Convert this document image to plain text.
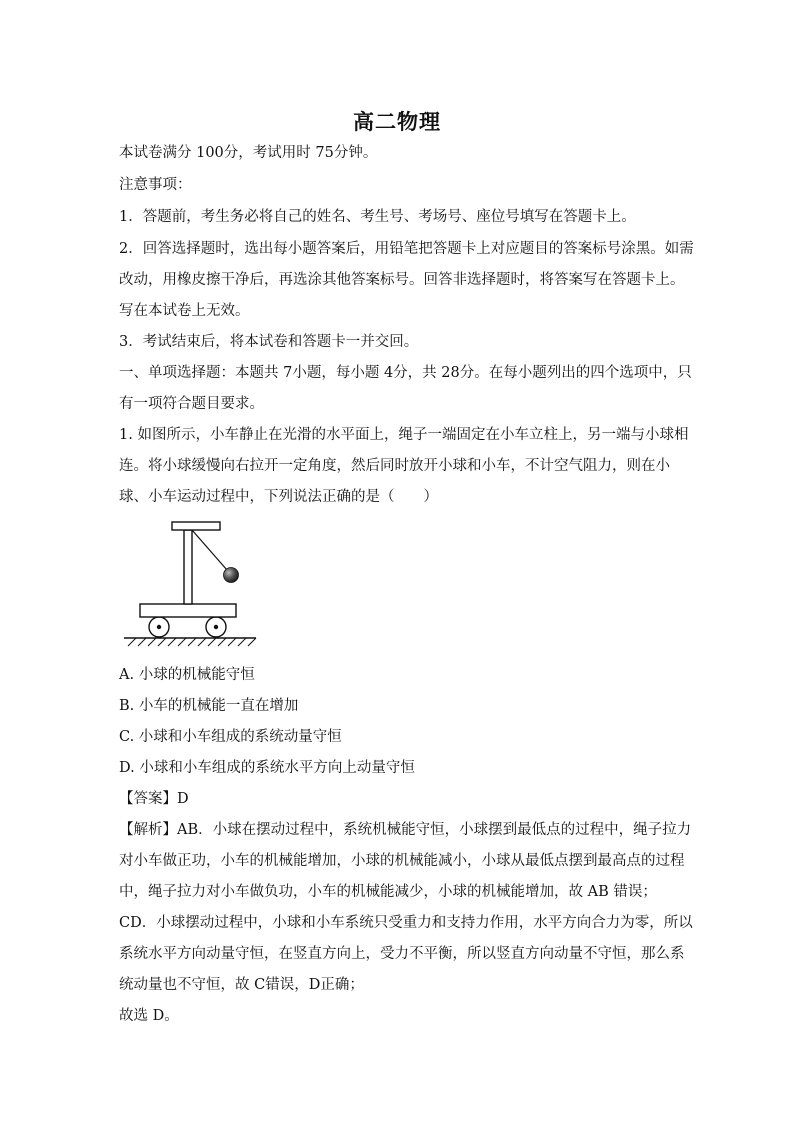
高二物理
本试卷满分 100分，考试用时 75分钟。
注意事项：
1．答题前，考生务必将自己的姓名、考生号、考场号、座位号填写在答题卡上。
2．回答选择题时，选出每小题答案后，用铅笔把答题卡上对应题目的答案标号涂黑。如需
改动，用橡皮擦干净后，再选涂其他答案标号。回答非选择题时，将答案写在答题卡上。
写在本试卷上无效。
3．考试结束后，将本试卷和答题卡一并交回。
一、单项选择题：本题共 7小题，每小题 4分，共 28分。在每小题列出的四个选项中，只
有一项符合题目要求。
1. 如图所示，小车静止在光滑的水平面上，绳子一端固定在小车立柱上，另一端与小球相
连。将小球缓慢向右拉开一定角度，然后同时放开小球和小车，不计空气阻力，则在小
球、小车运动过程中，下列说法正确的是（　　）
A. 小球的机械能守恒
B. 小车的机械能一直在增加
C. 小球和小车组成的系统动量守恒
D. 小球和小车组成的系统水平方向上动量守恒
【答案】D
【解析】AB．小球在摆动过程中，系统机械能守恒，小球摆到最低点的过程中，绳子拉力
对小车做正功，小车的机械能增加，小球的机械能减小，小球从最低点摆到最高点的过程
中，绳子拉力对小车做负功，小车的机械能减少，小球的机械能增加，故 AB 错误；
CD．小球摆动过程中，小球和小车系统只受重力和支持力作用，水平方向合力为零，所以
系统水平方向动量守恒，在竖直方向上，受力不平衡，所以竖直方向动量不守恒，那么系
统动量也不守恒，故 C错误，D正确；
故选 D。
